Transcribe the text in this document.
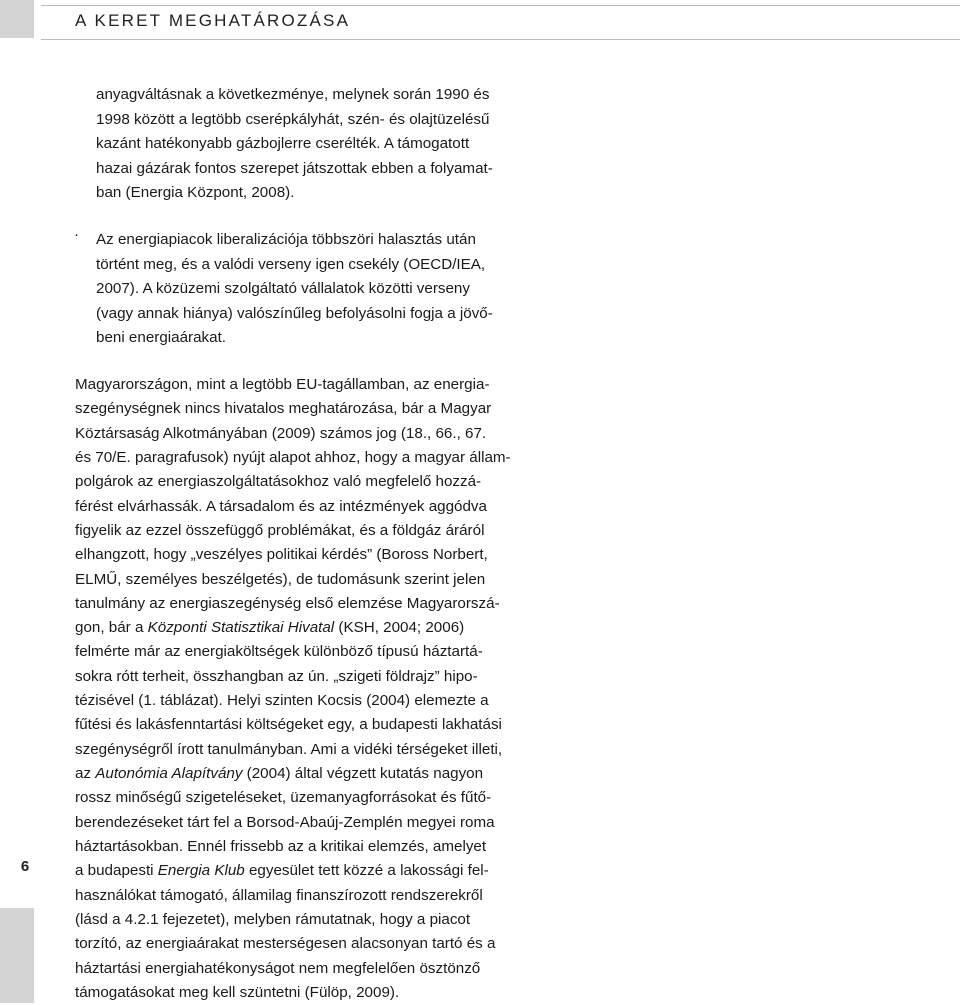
A KERET MEGHATÁROZÁSA
anyagváltásnak a következménye, melynek során 1990 és
1998 között a legtöbb cserépkályhát, szén- és olajtüzelésű
kazánt hatékonyabb gázbojlerre cserélték. A támogatott
hazai gázárak fontos szerepet játszottak ebben a folyamat-
ban (Energia Központ, 2008).
· Az energiapiacok liberalizációja többszöri halasztás után
történt meg, és a valódi verseny igen csekély (OECD/IEA,
2007). A közüzemi szolgáltató vállalatok közötti verseny
(vagy annak hiánya) valószínűleg befolyásolni fogja a jövő-
beni energiaárakat.
Magyarországon, mint a legtöbb EU-tagállamban, az energia-
szegénységnek nincs hivatalos meghatározása, bár a Magyar
Köztársaság Alkotmányában (2009) számos jog (18., 66., 67.
és 70/E. paragrafusok) nyújt alapot ahhoz, hogy a magyar állam-
polgárok az energiaszolgáltatásokhoz való megfelelő hozzá-
férést elvárhassák. A társadalom és az intézmények aggódva
figyelik az ezzel összefüggő problémákat, és a földgáz áráról
elhangzott, hogy „veszélyes politikai kérdés” (Boross Norbert,
ELMŰ, személyes beszélgetés), de tudomásunk szerint jelen
tanulmány az energiaszegénység első elemzése Magyarorszá-
gon, bár a Központi Statisztikai Hivatal (KSH, 2004; 2006)
felmérte már az energiaköltségek különböző típusú háztartá-
sokra rótt terheit, összhangban az ún. „szigeti földrajz” hipo-
tézisével (1. táblázat). Helyi szinten Kocsis (2004) elemezte a
fűtési és lakásfenntartási költségeket egy, a budapesti lakhatási
szegénységről írott tanulmányban. Ami a vidéki térségeket illeti,
az Autonómia Alapítvány (2004) által végzett kutatás nagyon
rossz minőségű szigeteléseket, üzemanyagforrásokat és fűtő-
berendezéseket tárt fel a Borsod-Abaúj-Zemplén megyei roma
háztartásokban. Ennél frissebb az a kritikai elemzés, amelyet
a budapesti Energia Klub egyesület tett közzé a lakossági fel-
használókat támogató, államilag finanszírozott rendszerekről
(lásd a 4.2.1 fejezetet), melyben rámutatnak, hogy a piacot
torzító, az energiaárakat mesterségesen alacsonyan tartó és a
háztartási energiahatékonyságot nem megfelelően ösztönző
támogatásokat meg kell szüntetni (Fülöp, 2009).
6
